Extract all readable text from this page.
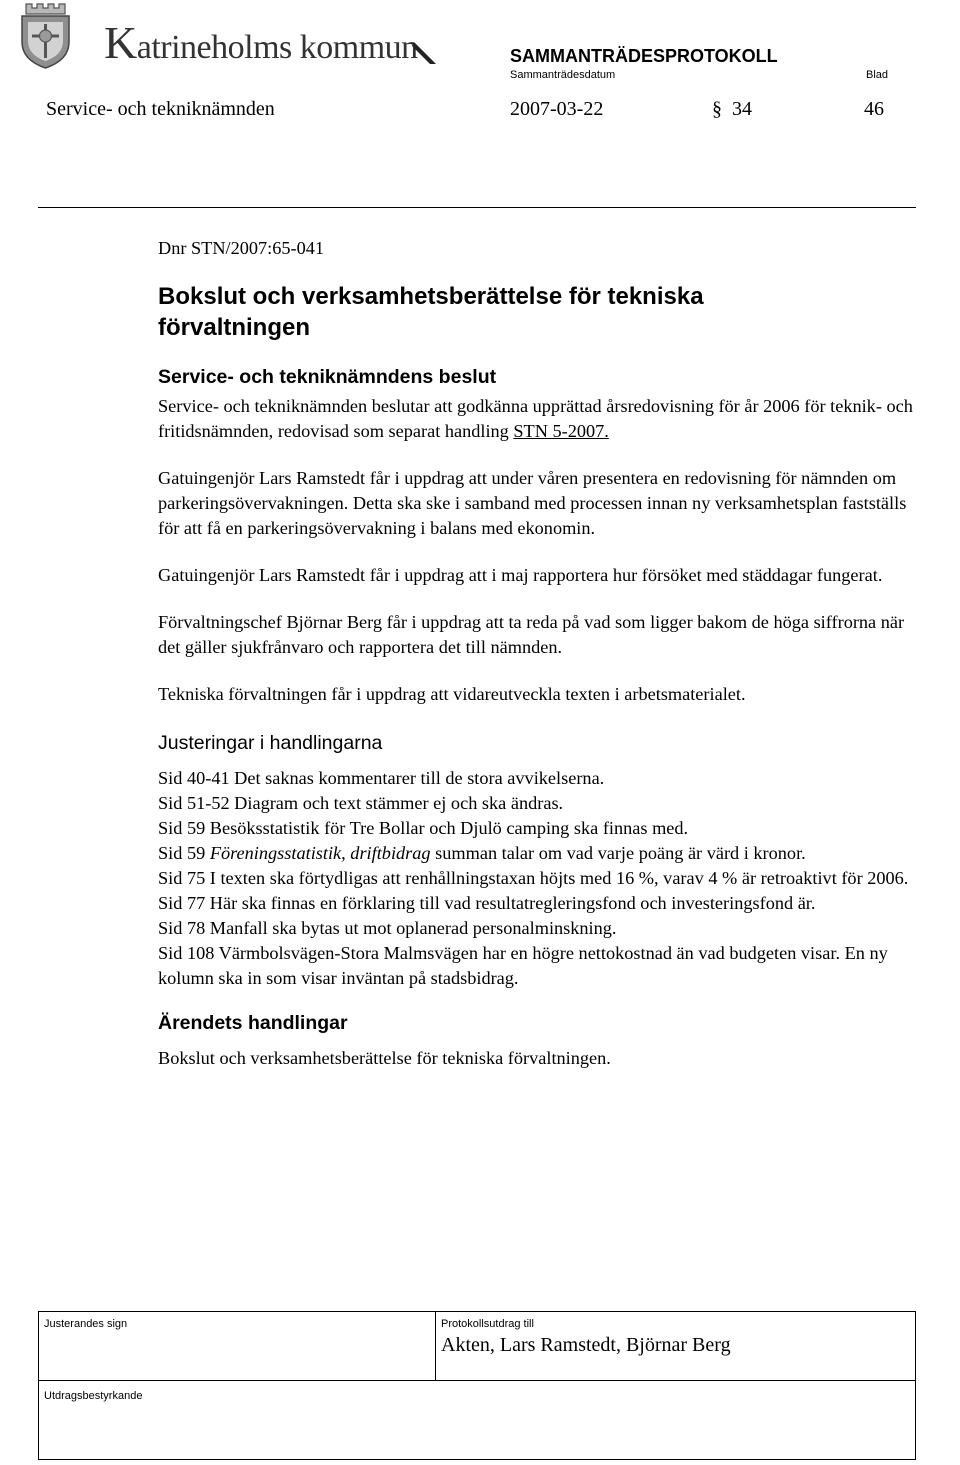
Katrineholms kommun	SAMMANTRÄDESPROTOKOLL
Sammanträdesdatum	Blad
Service- och tekniknämnden	2007-03-22	§ 34	46

Dnr STN/2007:65-041

Bokslut och verksamhetsberättelse för tekniska
förvaltningen

Service- och tekniknämndens beslut

Service- och tekniknämnden beslutar att godkänna upprättad årsredovisning för år 2006 för teknik- och fritidsnämnden, redovisad som separat handling STN 5-2007.

Gatuingenjör Lars Ramstedt får i uppdrag att under våren presentera en redovisning för nämnden om parkeringsövervakningen. Detta ska ske i samband med processen innan ny verksamhetsplan fastställs för att få en parkeringsövervakning i balans med ekonomin.

Gatuingenjör Lars Ramstedt får i uppdrag att i maj rapportera hur försöket med städdagar fungerat.

Förvaltningschef Björnar Berg får i uppdrag att ta reda på vad som ligger bakom de höga siffrorna när det gäller sjukfrånvaro och rapportera det till nämnden.

Tekniska förvaltningen får i uppdrag att vidareutveckla texten i arbetsmaterialet.

Justeringar i handlingarna

Sid 40-41 Det saknas kommentarer till de stora avvikelserna.

Sid 51-52 Diagram och text stämmer ej och ska ändras.

Sid 59 Besöksstatistik för Tre Bollar och Djulö camping ska finnas med.

Sid 59 Föreningsstatistik, driftbidrag summan talar om vad varje poäng är värd i kronor.

Sid 75 I texten ska förtydligas att renhållningstaxan höjts med 16 %, varav 4 % är retroaktivt för 2006.

Sid 77 Här ska finnas en förklaring till vad resultatregleringsfond och investeringsfond är.

Sid 78 Manfall ska bytas ut mot oplanerad personalminskning.

Sid 108 Värmbolsvägen-Stora Malmsvägen har en högre nettokostnad än vad budgeten visar. En ny kolumn ska in som visar inväntan på stadsbidrag.

Ärendets handlingar

Bokslut och verksamhetsberättelse för tekniska förvaltningen.

Justerandes sign	Protokollsutdrag till
Akten, Lars Ramstedt, Björnar Berg
Utdragsbestyrkande
